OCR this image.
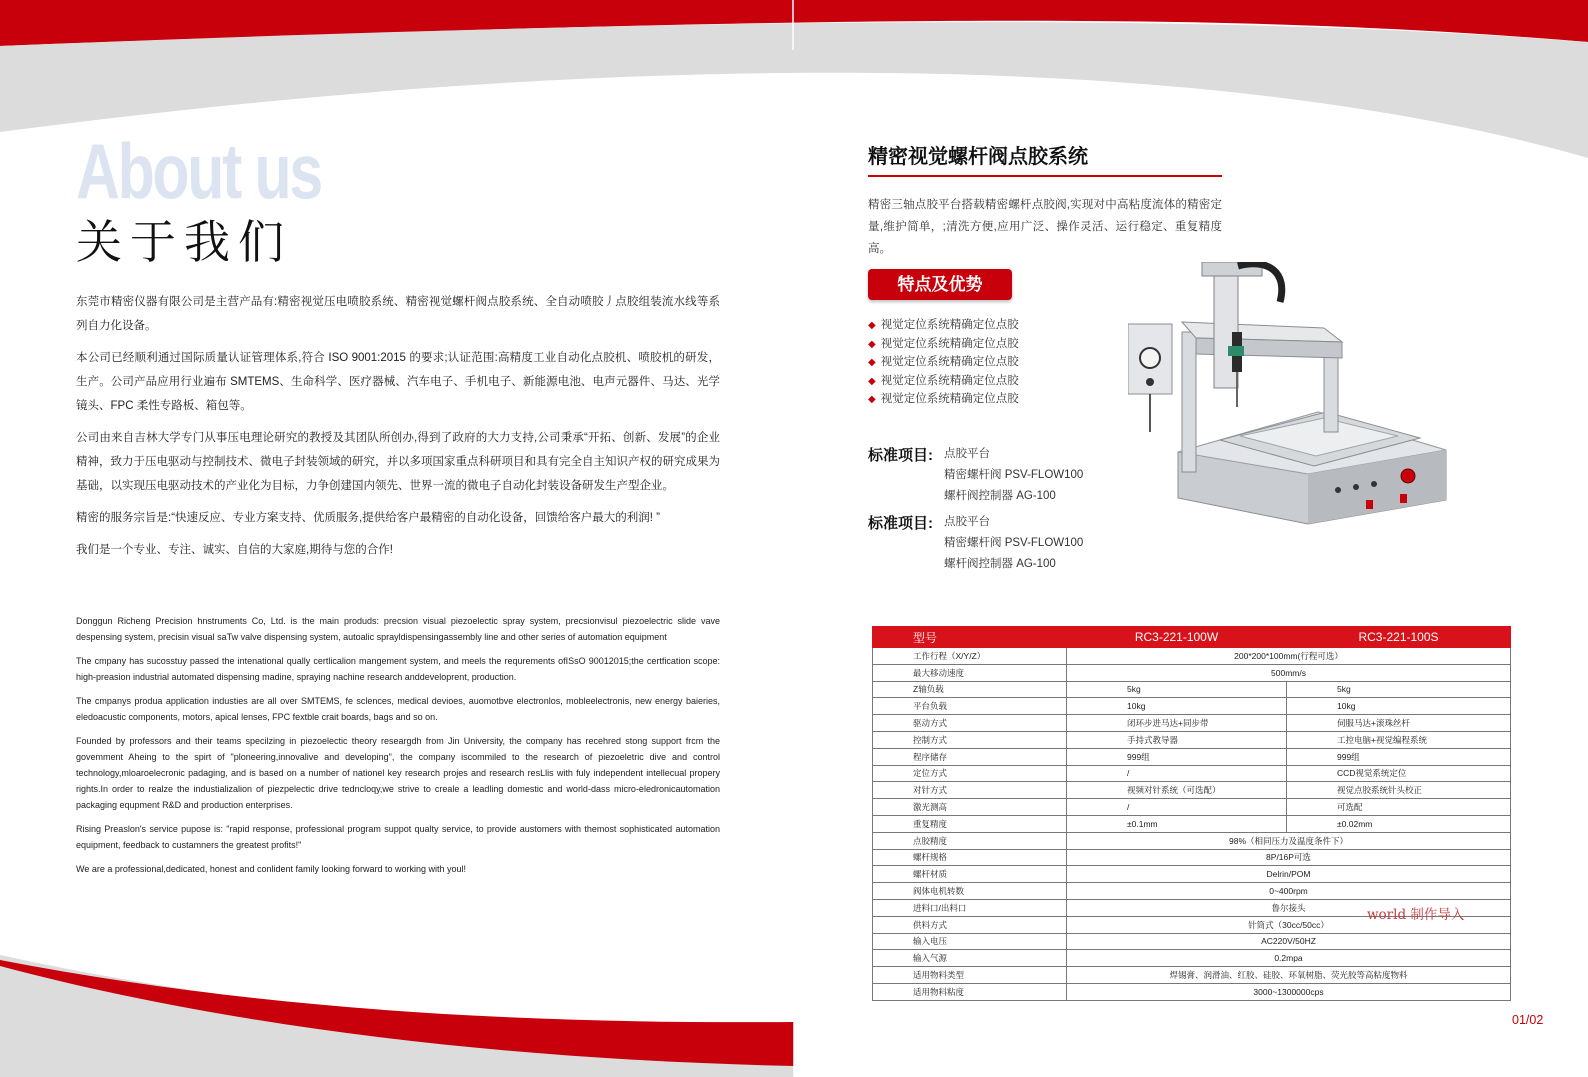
About us
关于我们

东莞市精密仪器有限公司是主营产品有:精密视觉压电喷胶系统、精密视觉螺杆阀点胶系统、全自动喷胶丿点胶组装流水线等系列自力化设备。

本公司已经顺利通过国际质量认证管理体系,符合 ISO 9001:2015 的要求;认证范围:高精度工业自动化点胶机、喷胶机的研发，生产。公司产品应用行业遍布 SMTEMS、生命科学、医疗器械、汽车电子、手机电子、新能源电池、电声元器件、马达、光学镜头、FPC 柔性专路板、箱包等。

公司由来自吉林大学专门从事压电理论研究的教授及其团队所创办,得到了政府的大力支持,公司秉承“开拓、创新、发展”的企业精神，致力于压电驱动与控制技术、微电子封装领域的研究，并以多项国家重点科研项目和具有完全自主知识产权的研究成果为基础，以实现压电驱动技术的产业化为目标，力争创建国内领先、世界一流的微电子自动化封装设备研发生产型企业。

精密的服务宗旨是:“快速反应、专业方案支持、优质服务,提供给客户最精密的自动化设备，回馈给客户最大的利润! ”

我们是一个专业、专注、诚实、自信的大家庭,期待与您的合作!

Donggun Richeng Precision hnstruments Co, Ltd. is the main produds: precsion visual piezoelectic spray system, precsionvisul piezoelectric slide vave despensing system, precisin visual saTw valve dispensing system, autoalic sprayldispensingassembly line and other series of automation equipment

The cmpany has sucosstuy passed the intenational qually certlicalion mangement system, and meels the requrements ofISsO 90012015;the certfication scope: high-preasion industrial automated dispensing madine, spraying nachine research anddeveloprent, production.

The cmpanys produa application industies are all over SMTEMS, fe sclences, medical devioes, auomotbve electronlos, mobleelectronis, new energy baieries, eledoacustic components, motors, apical lenses, FPC fextble crait boards, bags and so on.

Founded by professors and their teams specilzing in piezoelectic theory researgdh from Jin University, the company has recehred stong support frcm the govemment Aheing to the spirt of "ploneering,innovalive and developing", the company iscommiled to the research of piezoeletric dive and control technology,mloaroelecronic padaging, and is based on a number of nationel key research projes and research resLlis with fuly independent intellecual propery rights.In order to realze the industializalion of piezpelectic drive tedncloqy,we strive to creale a leadling domestic and world-dass micro-eledronicautomation packaging equpment R&D and production enterprises.

Rising Preaslon's service pupose is: "rapid response, professional program suppot qualty service, to provide austomers with themost sophisticated automation equipment, feedback to custamners the greatest profits!"

We are a professional,dedicated, honest and conlident family looking forward to working with youl!

精密视觉螺杆阀点胶系统
精密三轴点胶平台搭载精密螺杆点胶阀,实现对中高粘度流体的精密定量,维护简单，;清洗方便,应用广泛、操作灵活、运行稳定、重复精度高。
特点及优势
◆ 视觉定位系统精确定位点胶
◆ 视觉定位系统精确定位点胶
◆ 视觉定位系统精确定位点胶
◆ 视觉定位系统精确定位点胶
◆ 视觉定位系统精确定位点胶
标准项目: 点胶平台
精密螺杆阀 PSV-FLOW100
螺杆阀控制器 AG-100
标准项目: 点胶平台
精密螺杆阀 PSV-FLOW100
螺杆阀控制器 AG-100
型号	RC3-221-100W	RC3-221-100S
工作行程（X/Y/Z）	200*200*100mm(行程可选）	
最大移动速度	500mm/s	
Z轴负载	5kg	5kg
平台负载	10kg	10kg
驱动方式	闭环步进马达+同步带	伺服马达+滚珠丝杆
控制方式	手持式教导器	工控电脑+视觉编程系统
程序储存	999组	999组
定位方式	/	CCD视觉系统定位
对针方式	视频对针系统（可选配）	视觉点胶系统针头校正
激光测高	/	可选配
重复精度	±0.1mm	±0.02mm
点胶精度	98%（相同压力及温度条件下）	
螺杆规格	8P/16P可选	
螺杆材质	Delrin/POM	
阀体电机转数	0~400rpm	
进料口/出料口	鲁尔接头	
供料方式	针筒式（30cc/50cc）	
输入电压	AC220V/50HZ	
输入气源	0.2mpa	
适用物料类型	焊锡膏、润滑油、红胶、硅胶、环氧树脂、荧光胶等高粘度物料	
适用物料粘度	3000~1300000cps	
world 制作导入
01/02
